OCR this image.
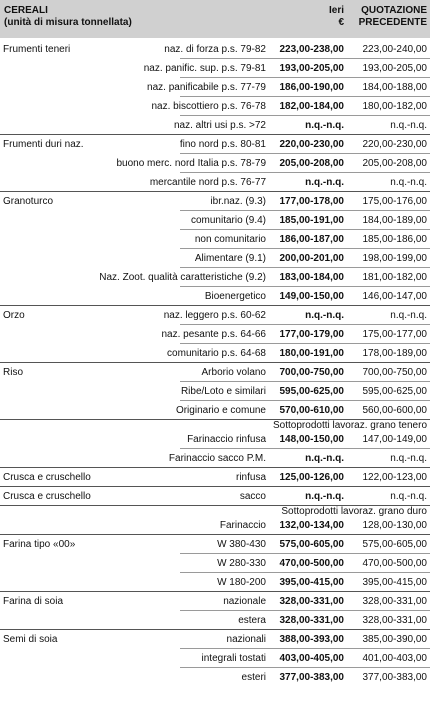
CEREALI
(unità di misura tonnellata)
Ieri
€
QUOTAZIONE
PRECEDENTE
Frumenti teneri	naz. di forza p.s. 79-82	223,00-238,00	223,00-240,00
naz. panific. sup. p.s. 79-81	193,00-205,00	193,00-205,00
naz. panificabile p.s. 77-79	186,00-190,00	184,00-188,00
naz. biscottiero p.s. 76-78	182,00-184,00	180,00-182,00
naz. altri usi p.s. >72	n.q.-n.q.	n.q.-n.q.
Frumenti duri naz.	fino nord p.s. 80-81	220,00-230,00	220,00-230,00
buono merc. nord Italia p.s. 78-79	205,00-208,00	205,00-208,00
mercantile nord p.s. 76-77	n.q.-n.q.	n.q.-n.q.
Granoturco	ibr.naz. (9.3)	177,00-178,00	175,00-176,00
comunitario (9.4)	185,00-191,00	184,00-189,00
non comunitario	186,00-187,00	185,00-186,00
Alimentare (9.1)	200,00-201,00	198,00-199,00
Naz. Zoot. qualità caratteristiche (9.2)	183,00-184,00	181,00-182,00
Bioenergetico	149,00-150,00	146,00-147,00
Orzo	naz. leggero p.s. 60-62	n.q.-n.q.	n.q.-n.q.
naz. pesante p.s. 64-66	177,00-179,00	175,00-177,00
comunitario p.s. 64-68	180,00-191,00	178,00-189,00
Riso	Arborio volano	700,00-750,00	700,00-750,00
Ribe/Loto e similari	595,00-625,00	595,00-625,00
Originario e comune	570,00-610,00	560,00-600,00
Sottoprodotti lavoraz. grano tenero
Farinaccio rinfusa	148,00-150,00	147,00-149,00
Farinaccio sacco P.M.	n.q.-n.q.	n.q.-n.q.
Crusca e cruschello	rinfusa	125,00-126,00	122,00-123,00
Crusca e cruschello	sacco	n.q.-n.q.	n.q.-n.q.
Sottoprodotti lavoraz. grano duro
Farinaccio	132,00-134,00	128,00-130,00
Farina tipo «00»	W 380-430	575,00-605,00	575,00-605,00
W 280-330	470,00-500,00	470,00-500,00
W 180-200	395,00-415,00	395,00-415,00
Farina di soia	nazionale	328,00-331,00	328,00-331,00
estera	328,00-331,00	328,00-331,00
Semi di soia	nazionali	388,00-393,00	385,00-390,00
integrali tostati	403,00-405,00	401,00-403,00
esteri	377,00-383,00	377,00-383,00
